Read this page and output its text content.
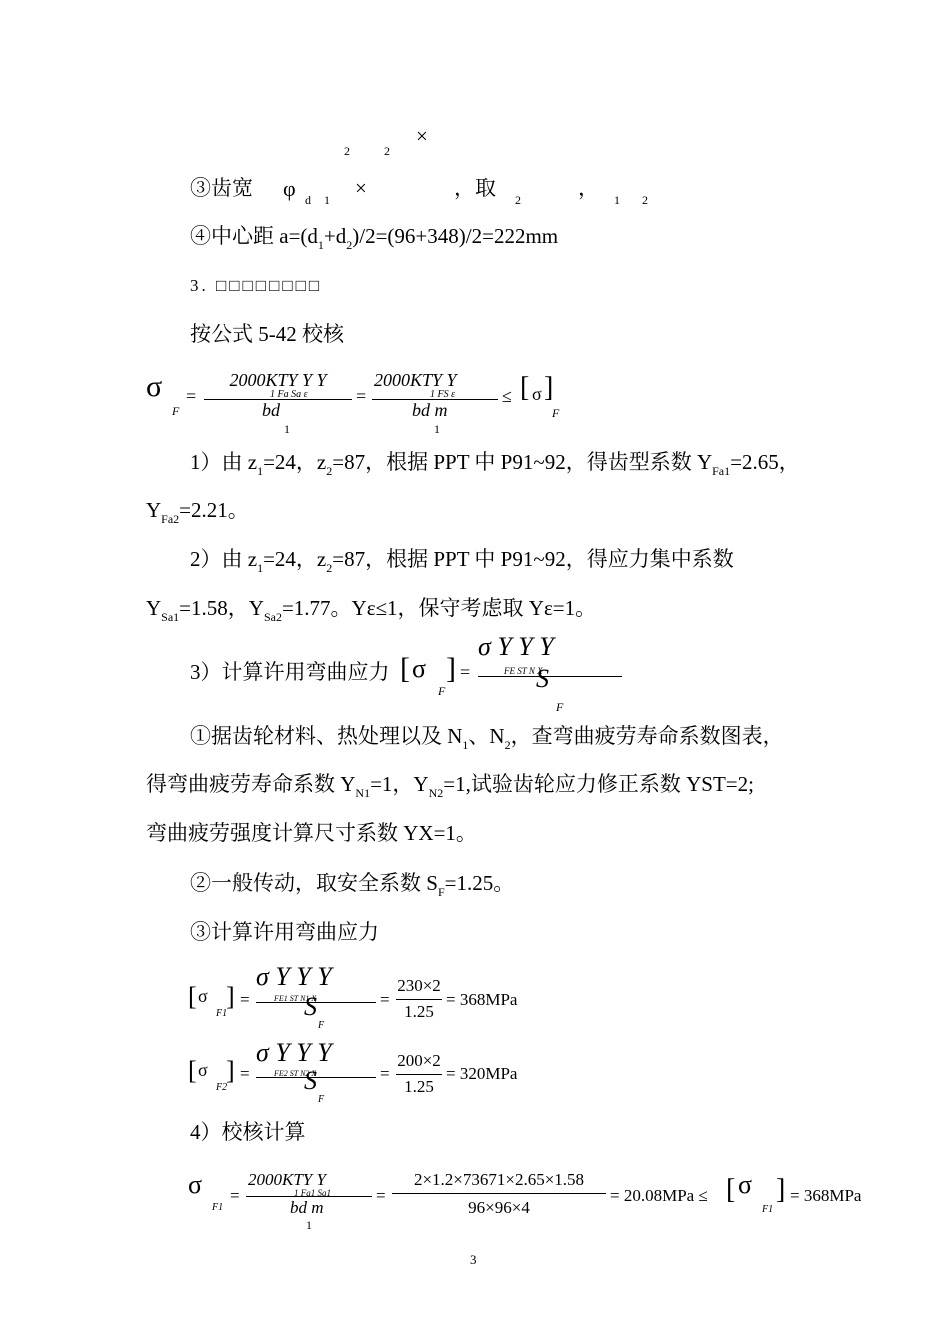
2	2
×
③齿宽 φ d 1 ×	，取 2	， 1 2
④中心距 $a=(d_1+d_2)/2=(96+348)/2=222mm$
3. □□□□□□□□
按公式 5-42 校核
σ
F
=
2000KTY Y Y
1 Fa Sa ε
bd
1
=
2000KTY Y
1 FS ε
bd m
1
≤ [ σ ]
F
1）由 $z_1=24$，$z_2=87$，根据 PPT 中 P91~92，得齿型系数 $Y_{Fa1}=2.65$，
$Y_{Fa2}=2.21$。
2）由 $z_1=24$，$z_2=87$，根据 PPT 中 P91~92，得应力集中系数
$Y_{Sa1}=1.58$，$Y_{Sa2}=1.77$。Yε≤1，保守考虑取 Yε=1。
3）计算许用弯曲应力 [ σ ]
F
=
σ Y Y Y
FE ST N X
S
F
①据齿轮材料、热处理以及 $N_1$、$N_2$，查弯曲疲劳寿命系数图表，
得弯曲疲劳寿命系数 $Y_{N1}=1$，$Y_{N2}=1$,试验齿轮应力修正系数 YST=2;
弯曲疲劳强度计算尺寸系数 YX=1。
②一般传动，取安全系数 $S_F=1.25$。
③计算许用弯曲应力
[ σ ]
F1
=
σ Y Y Y
FE1 ST N1 X
S
F
=
230×2
1.25
= 368MPa
[ σ ]
F2
=
σ Y Y Y
FE2 ST N2 X
S
F
=
200×2
1.25
= 320MPa
4）校核计算
σ
F1
=
2000KTY Y
1 Fa1 Sa1
bd m
1
=
2×1.2×73671×2.65×1.58
96×96×4
= 20.08MPa ≤ [ σ ]
F1
= 368MPa
3
